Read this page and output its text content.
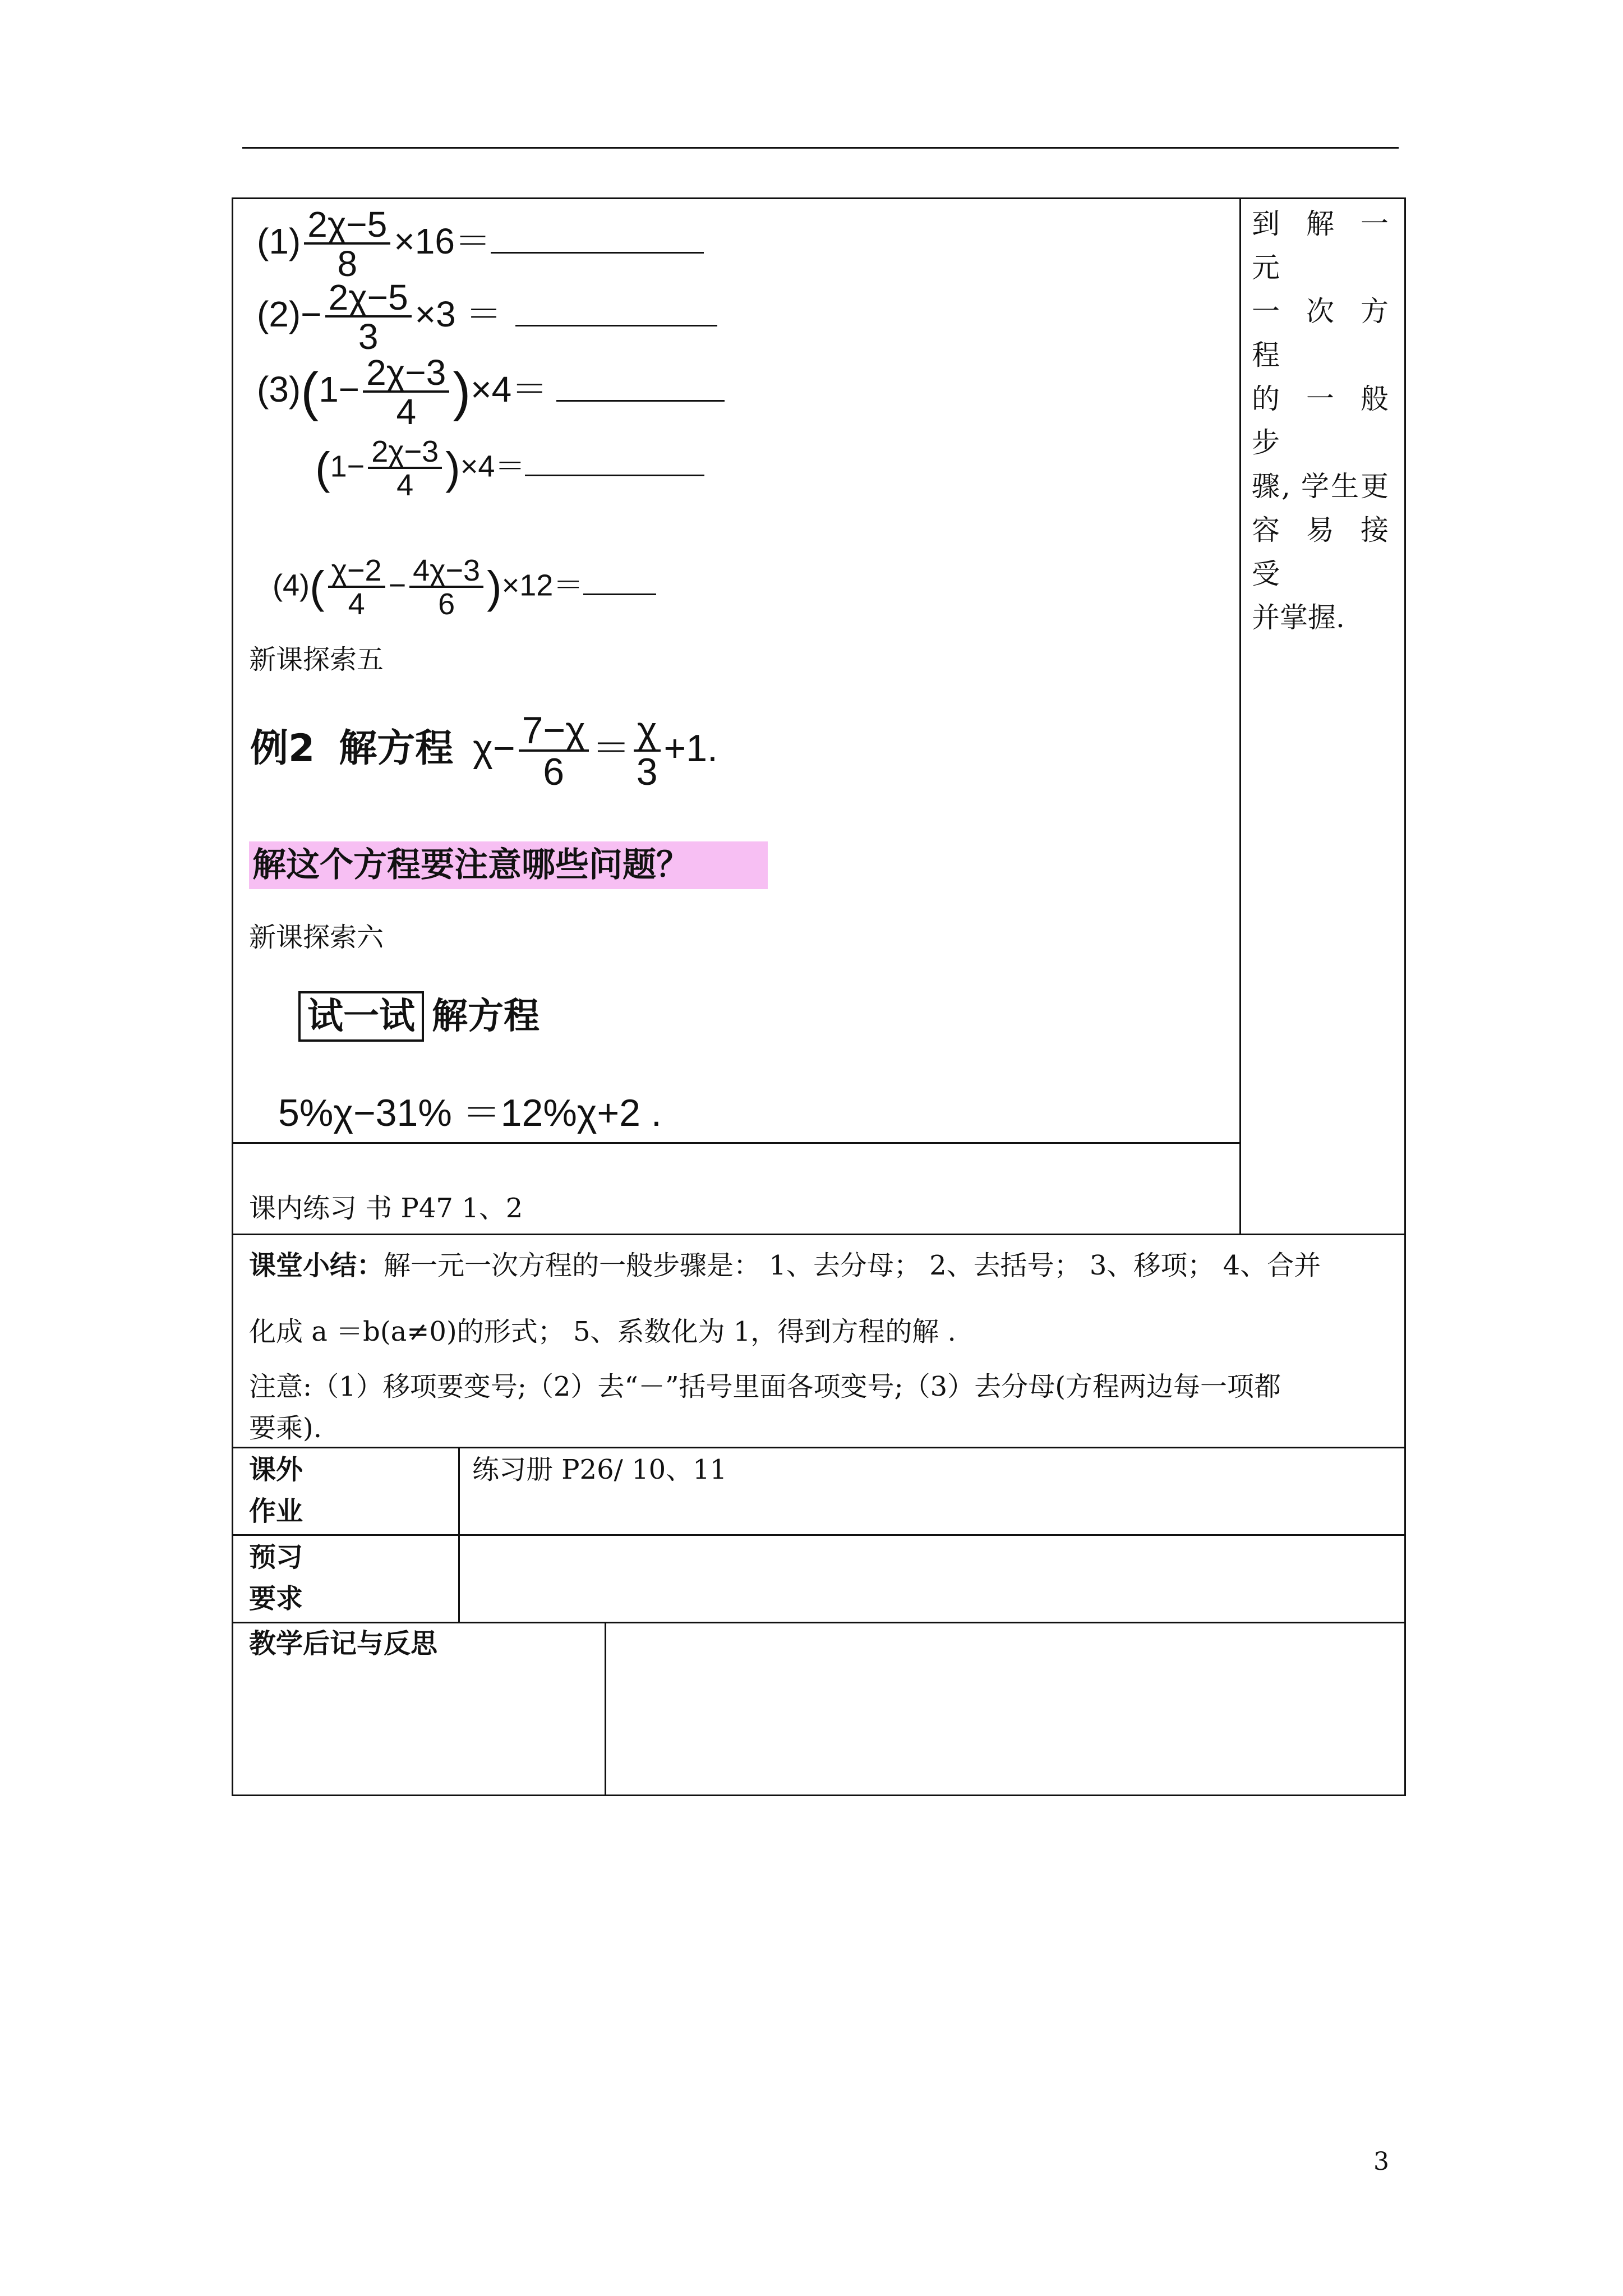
到 解 一 元
一 次 方 程
的 一 般 步
骤, 学生更
容 易 接 受
并掌握.
$(1) \frac{2\chi-5}{8} \times 16=$
$(2)- \frac{2\chi-5}{3} \times 3$ ＝
$(3)(1- \frac{2\chi-3}{4} )\times 4=$
$(1- \frac{2\chi-3}{4} )\times 4=$
$(4)( \frac{\chi-2}{4} - \frac{4\chi-3}{6} )\times 12=$
新课探索五
例2 解方程 $\chi- \frac{7-\chi}{6} = \frac{\chi}{3} +1$.
解这个方程要注意哪些问题？
新课探索六
试一试 解方程
5%χ−31% ＝12%χ+2 .
课内练习 书 P47 1、2
课堂小结：解一元一次方程的一般步骤是： 1、去分母； 2、去括号； 3、移项； 4、合并
化成 a ＝b(a≠0)的形式； 5、系数化为 1，得到方程的解 .
注意:（1）移项要变号;（2）去“－”括号里面各项变号;（3）去分母(方程两边每一项都
要乘).
课外
作业
练习册 P26/ 10、11
预习
要求
教学后记与反思
3
